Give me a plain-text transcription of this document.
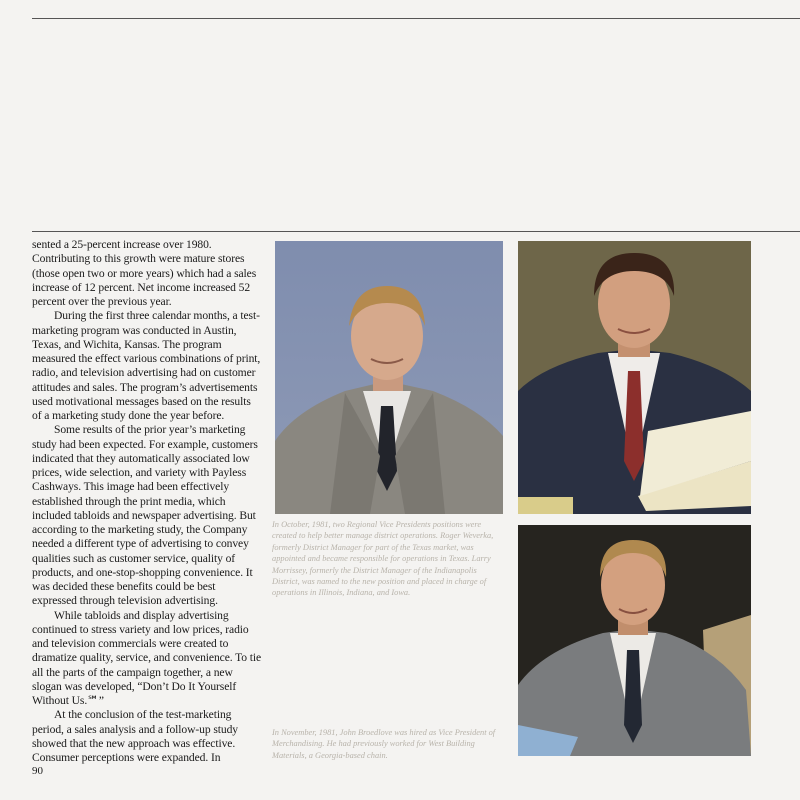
sented a 25-percent increase over 1980. Contributing to this growth were mature stores (those open two or more years) which had a sales increase of 12 percent. Net income increased 52 percent over the previous year.

During the first three calendar months, a test-marketing program was conducted in Austin, Texas, and Wichita, Kansas. The program measured the effect various combinations of print, radio, and television advertising had on customer attitudes and sales. The program’s advertisements used motivational messages based on the results of a marketing study done the year before.

Some results of the prior year’s marketing study had been expected. For example, customers indicated that they automatically associated low prices, wide selection, and variety with Payless Cashways. This image had been effectively established through the print media, which included tabloids and newspaper advertising. But according to the marketing study, the Company needed a different type of advertising to convey qualities such as customer service, quality of products, and one-stop-shopping convenience. It was decided these benefits could be best expressed through television advertising.

While tabloids and display advertising continued to stress variety and low prices, radio and television commercials were created to dramatize quality, service, and convenience. To tie all the parts of the campaign together, a new slogan was developed, “Don’t Do It Yourself Without Us.℠”

At the conclusion of the test-marketing period, a sales analysis and a follow-up study showed that the new approach was effective. Consumer perceptions were expanded. In

90

In October, 1981, two Regional Vice Presidents positions were created to help better manage district operations. Roger Weverka, formerly District Manager for part of the Texas market, was appointed and became responsible for operations in Texas. Larry Morrissey, formerly the District Manager of the Indianapolis District, was named to the new position and placed in charge of operations in Illinois, Indiana, and Iowa.

In November, 1981, John Broedlove was hired as Vice President of Merchandising. He had previously worked for West Building Materials, a Georgia-based chain.
